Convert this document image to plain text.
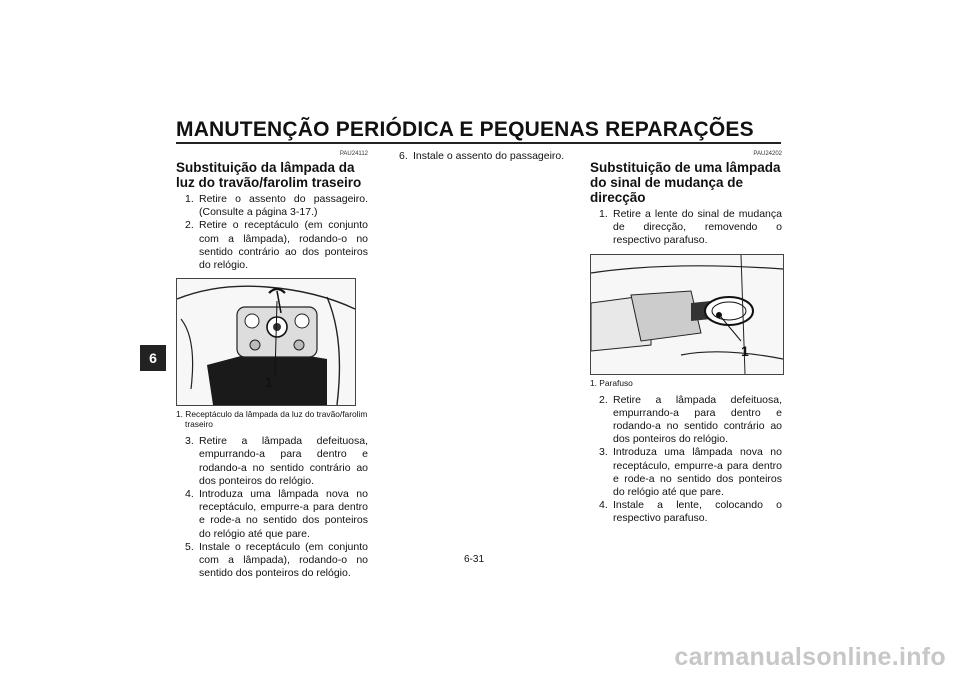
MANUTENÇÃO PERIÓDICA E PEQUENAS REPARAÇÕES
6

PAU24112

Substituição da lâmpada da luz do travão/farolim traseiro
1. Retire o assento do passageiro. (Consulte a página 3-17.)
2. Retire o receptáculo (em conjunto com a lâmpada), rodando-o no sentido contrário ao dos ponteiros do relógio.
1

1. Receptáculo da lâmpada da luz do travão/farolim traseiro

3. Retire a lâmpada defeituosa, empurrando-a para dentro e rodando-a no sentido contrário ao dos ponteiros do relógio.
4. Introduza uma lâmpada nova no receptáculo, empurre-a para dentro e rode-a no sentido dos ponteiros do relógio até que pare.
5. Instale o receptáculo (em conjunto com a lâmpada), rodando-o no sentido dos ponteiros do relógio.
6. Instale o assento do passageiro.	PAU24202

Substituição de uma lâmpada do sinal de mudança de direcção
1. Retire a lente do sinal de mudança de direcção, removendo o respectivo parafuso.
1

1. Parafuso

2. Retire a lâmpada defeituosa, empurrando-a para dentro e rodando-a no sentido contrário ao dos ponteiros do relógio.
3. Introduza uma lâmpada nova no receptáculo, empurre-a para dentro e rode-a no sentido dos ponteiros do relógio até que pare.
4. Instale a lente, colocando o respectivo parafuso.
6-31
carmanualsonline.info
